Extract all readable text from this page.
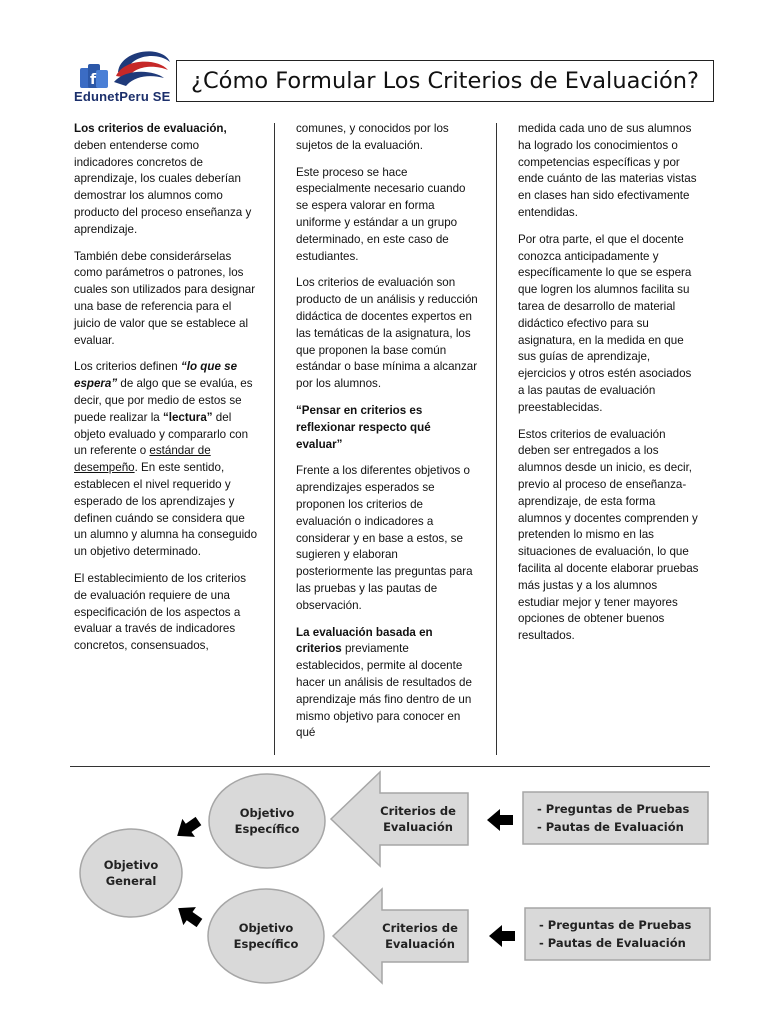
f
EdunetPeru SE
¿Cómo Formular Los Criterios de Evaluación?

Los criterios de evaluación, deben entenderse como indicadores concretos de aprendizaje, los cuales deberían demostrar los alumnos como producto del proceso enseñanza y aprendizaje.

También debe considerárselas como parámetros o patrones, los cuales son utilizados para designar una base de referencia para el juicio de valor que se establece al evaluar.

Los criterios definen “lo que se espera” de algo que se evalúa, es decir, que por medio de estos se puede realizar la “lectura” del objeto evaluado y compararlo con un referente o estándar de desempeño. En este sentido, establecen el nivel requerido y esperado de los aprendizajes y definen cuándo se considera que un alumno y alumna ha conseguido un objetivo determinado.

El establecimiento de los criterios de evaluación requiere de una especificación de los aspectos a evaluar a través de indicadores concretos, consensuados,

comunes, y conocidos por los sujetos de la evaluación.

Este proceso se hace especialmente necesario cuando se espera valorar en forma uniforme y estándar a un grupo determinado, en este caso de estudiantes.

Los criterios de evaluación son producto de un análisis y reducción didáctica de docentes expertos en las temáticas de la asignatura, los que proponen la base común estándar o base mínima a alcanzar por los alumnos.

“Pensar en criterios es reflexionar respecto qué evaluar”

Frente a los diferentes objetivos o aprendizajes esperados se proponen los criterios de evaluación o indicadores a considerar y en base a estos, se sugieren y elaboran posteriormente las preguntas para las pruebas y las pautas de observación.

La evaluación basada en criterios previamente establecidos, permite al docente hacer un análisis de resultados de aprendizaje más fino dentro de un mismo objetivo para conocer en qué

medida cada uno de sus alumnos ha logrado los conocimientos o competencias específicas y por ende cuánto de las materias vistas en clases han sido efectivamente entendidas.

Por otra parte, el que el docente conozca anticipadamente y específicamente lo que se espera que logren los alumnos facilita su tarea de desarrollo de material didáctico efectivo para su asignatura, en la medida en que sus guías de aprendizaje, ejercicios y otros estén asociados a las pautas de evaluación preestablecidas.

Estos criterios de evaluación deben ser entregados a los alumnos desde un inicio, es decir, previo al proceso de enseñanza-aprendizaje, de esta forma alumnos y docentes comprenden y pretenden lo mismo en las situaciones de evaluación, lo que facilita al docente elaborar pruebas más justas y a los alumnos estudiar mejor y tener mayores opciones de obtener buenos resultados.

Objetivo
General
Objetivo
Específico
Objetivo
Específico
Criterios de
Evaluación
Criterios de
Evaluación
- Preguntas de Pruebas
- Pautas de Evaluación
- Preguntas de Pruebas
- Pautas de Evaluación
